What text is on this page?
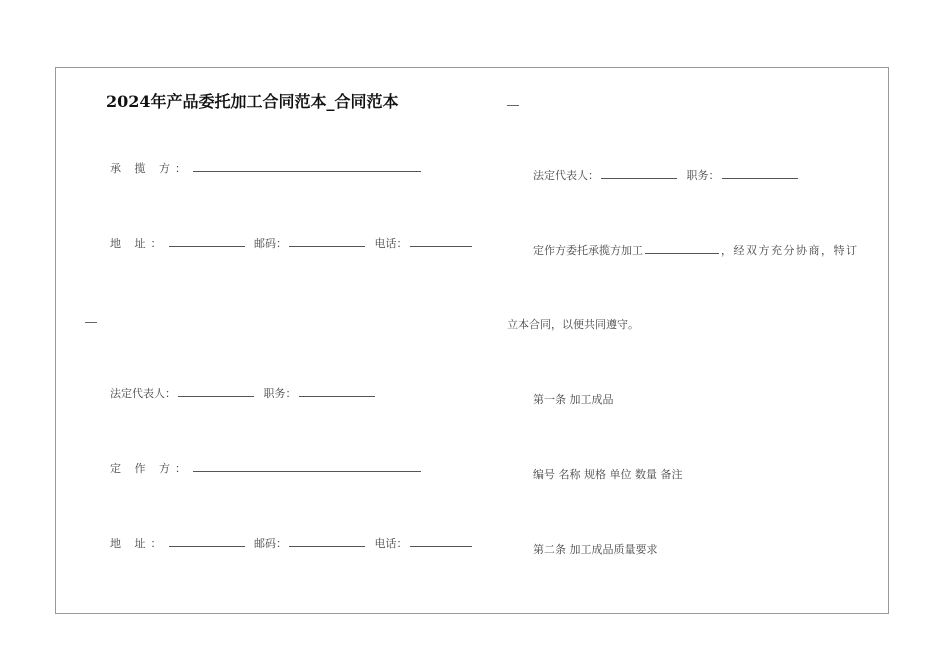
2024年产品委托加工合同范本_合同范本
承 揽 方：
地 址：	邮码：	电话：
法定代表人：	职务：
定 作 方：
地 址：	邮码：	电话：
法定代表人：	职务：
定作方委托承揽方加工	，经双方充分协商，特订
立本合同，以便共同遵守。
第一条 加工成品
编号 名称 规格 单位 数量 备注
第二条 加工成品质量要求
